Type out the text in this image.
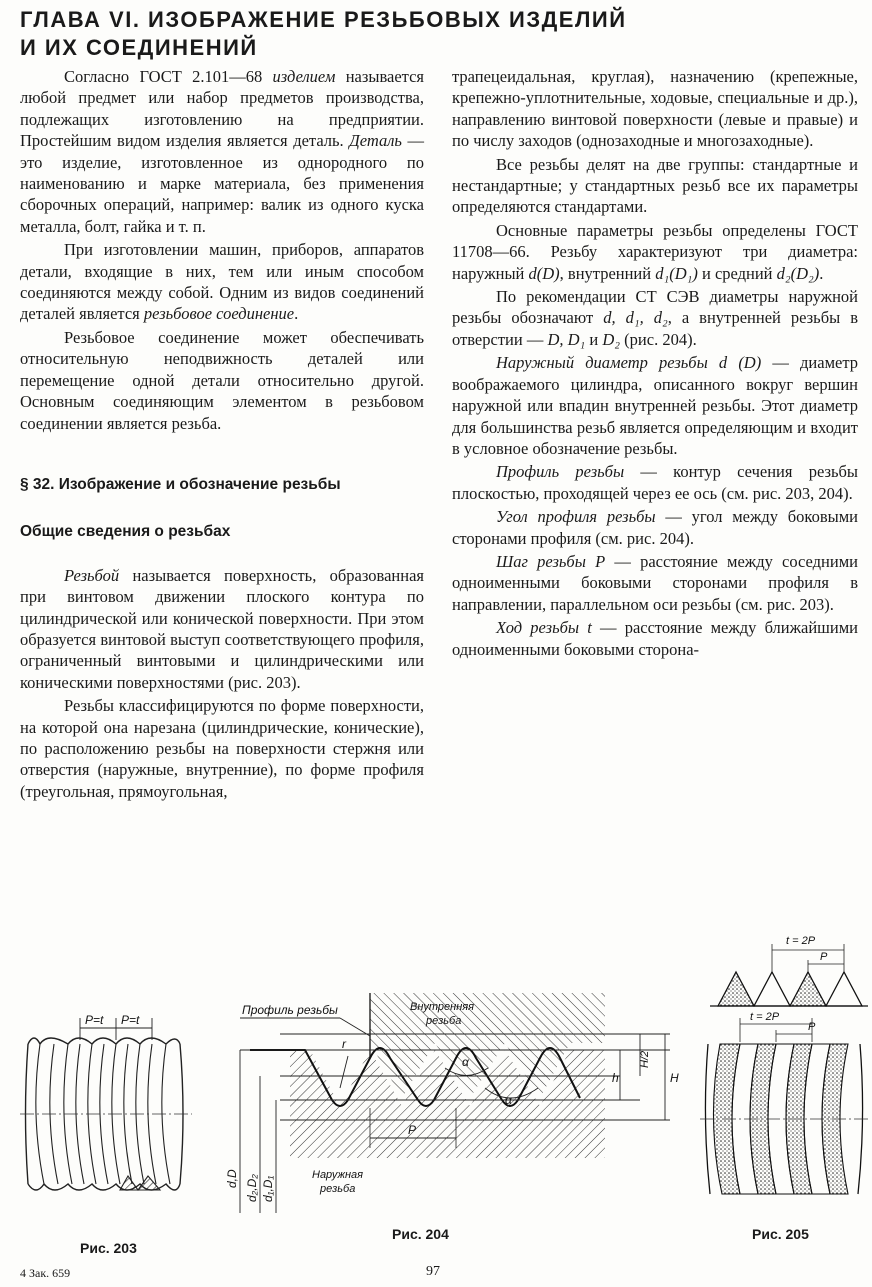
ГЛАВА VI. ИЗОБРАЖЕНИЕ РЕЗЬБОВЫХ ИЗДЕЛИЙ
И ИХ СОЕДИНЕНИЙ

Согласно ГОСТ 2.101—68 изделием называется любой предмет или набор предметов производства, подлежащих изготовлению на предприятии. Простейшим видом изделия является деталь. Деталь — это изделие, изготовленное из однородного по наименованию и марке материала, без применения сборочных операций, например: валик из одного куска металла, болт, гайка и т. п.

При изготовлении машин, приборов, аппаратов детали, входящие в них, тем или иным способом соединяются между собой. Одним из видов соединений деталей является резьбовое соединение.

Резьбовое соединение может обеспечивать относительную неподвижность деталей или перемещение одной детали относительно другой. Основным соединяющим элементом в резьбовом соединении является резьба.

§ 32. Изображение и обозначение резьбы

Общие сведения о резьбах

Резьбой называется поверхность, образованная при винтовом движении плоского контура по цилиндрической или конической поверхности. При этом образуется винтовой выступ соответствующего профиля, ограниченный винтовыми и цилиндрическими или коническими поверхностями (рис. 203).

Резьбы классифицируются по форме поверхности, на которой она нарезана (цилиндрические, конические), по расположению резьбы на поверхности стержня или отверстия (наружные, внутренние), по форме профиля (треугольная, прямоугольная,

трапецеидальная, круглая), назначению (крепежные, крепежно-уплотнительные, ходовые, специальные и др.), направлению винтовой поверхности (левые и правые) и по числу заходов (однозаходные и многозаходные).

Все резьбы делят на две группы: стандартные и нестандартные; у стандартных резьб все их параметры определяются стандартами.

Основные параметры резьбы определены ГОСТ 11708—66. Резьбу характеризуют три диаметра: наружный d(D), внутренний d₁(D₁) и средний d₂(D₂).

По рекомендации СТ СЭВ диаметры наружной резьбы обозначают d, d₁, d₂, а внутренней резьбы в отверстии — D, D₁ и D₂ (рис. 204).

Наружный диаметр резьбы d (D) — диаметр воображаемого цилиндра, описанного вокруг вершин наружной или впадин внутренней резьбы. Этот диаметр для большинства резьб является определяющим и входит в условное обозначение резьбы.

Профиль резьбы — контур сечения резьбы плоскостью, проходящей через ее ось (см. рис. 203, 204).

Угол профиля резьбы — угол между боковыми сторонами профиля (см. рис. 204).

Шаг резьбы P — расстояние между соседними одноименными боковыми сторонами профиля в направлении, параллельном оси резьбы (см. рис. 203).

Ход резьбы t — расстояние между ближайшими одноименными боковыми сторона-

P=t P=t

Рис. 203

Профиль резьбы	Внутренняя
резьба
Наружная
резьба
r
α
α
P
h
H/2
H
d,D d₂,D₂ d₁,D₁

Рис. 204

t = 2P
P
t = 2P
P

Рис. 205

4 Зак. 659	97
